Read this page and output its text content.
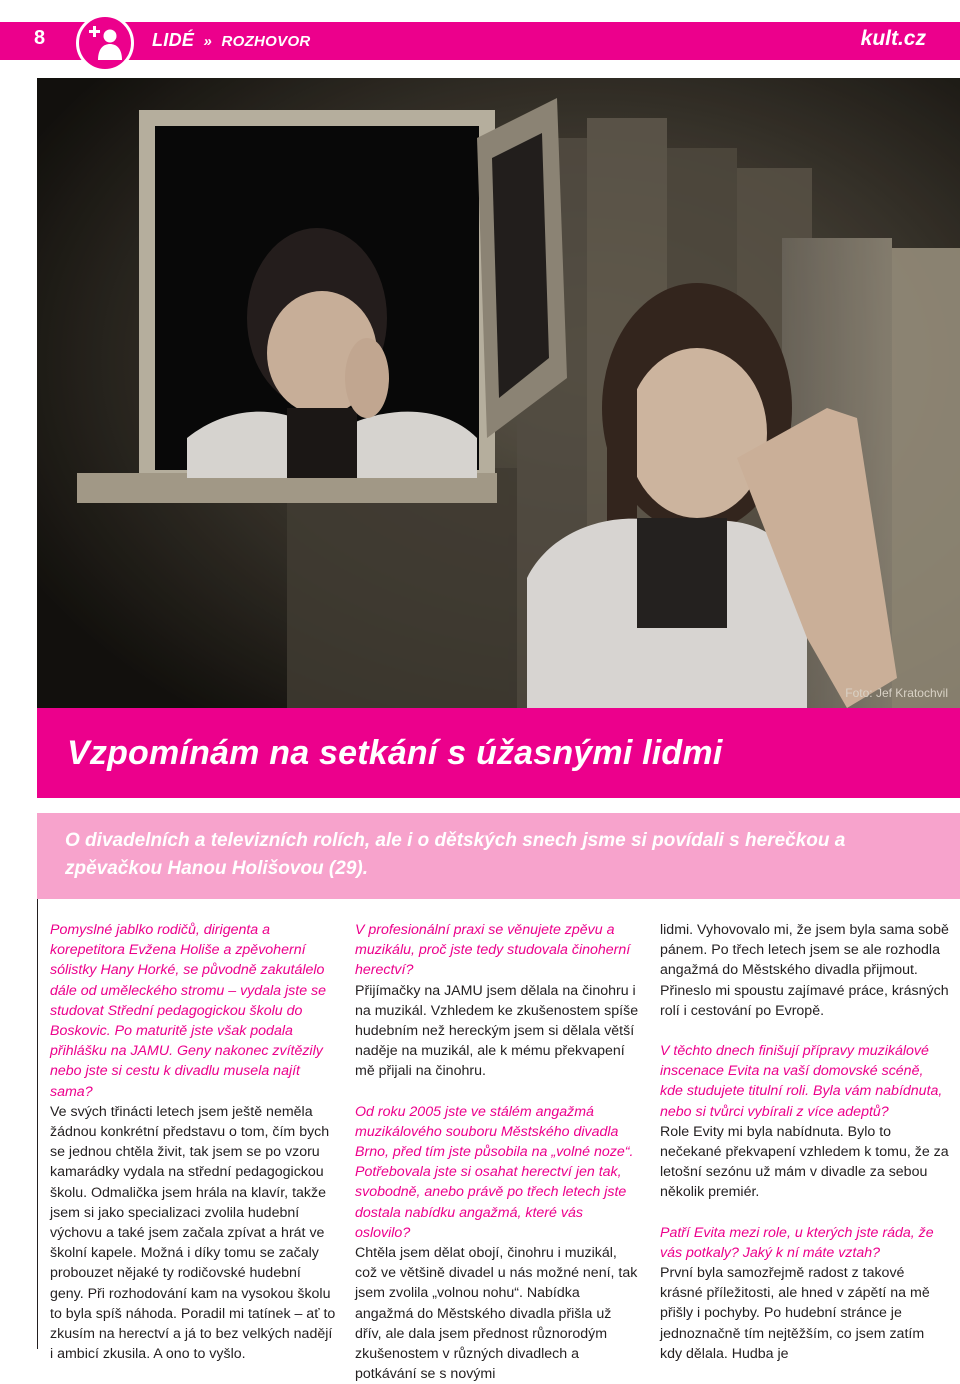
8	LIDÉ » ROZHOVOR	kult.cz
Foto: Jef Kratochvil
Vzpomínám na setkání s úžasnými lidmi

O divadelních a televizních rolích, ale i o dětských snech jsme si povídali s herečkou a zpěvačkou Hanou Holišovou (29).

Pomyslné jablko rodičů, dirigenta a korepetitora Evžena Holiše a zpěvoherní sólistky Hany Horké, se původně zakutálelo dále od uměleckého stromu – vydala jste se studovat Střední pedagogickou školu do Boskovic. Po maturitě jste však podala přihlášku na JAMU. Geny nakonec zvítězily nebo jste si cestu k divadlu musela najít sama?

Ve svých třinácti letech jsem ještě neměla žádnou konkrétní představu o tom, čím bych se jednou chtěla živit, tak jsem se po vzoru kamarádky vydala na střední pedagogickou školu. Odmalička jsem hrála na klavír, takže jsem si jako specializaci zvolila hudební výchovu a také jsem začala zpívat a hrát ve školní kapele. Možná i díky tomu se začaly probouzet nějaké ty rodičovské hudební geny. Při rozhodování kam na vysokou školu to byla spíš náhoda. Poradil mi tatínek – ať to zkusím na herectví a já to bez velkých nadějí i ambicí zkusila. A ono to vyšlo.

V profesionální praxi se věnujete zpěvu a muzikálu, proč jste tedy studovala činoherní herectví?

Přijímačky na JAMU jsem dělala na činohru i na muzikál. Vzhledem ke zkušenostem spíše hudebním než hereckým jsem si dělala větší naděje na muzikál, ale k mému překvapení mě přijali na činohru.

Od roku 2005 jste ve stálém angažmá muzikálového souboru Městského divadla Brno, před tím jste působila na „volné noze“. Potřebovala jste si osahat herectví jen tak, svobodně, anebo právě po třech letech jste dostala nabídku angažmá, které vás oslovilo?

Chtěla jsem dělat obojí, činohru i muzikál, což ve většině divadel u nás možné není, tak jsem zvolila „volnou nohu“. Nabídka angažmá do Městského divadla přišla už dřív, ale dala jsem přednost různorodým zkušenostem v různých divadlech a potkávání se s novými

lidmi. Vyhovovalo mi, že jsem byla sama sobě pánem. Po třech letech jsem se ale rozhodla angažmá do Městského divadla přijmout. Přineslo mi spoustu zajímavé práce, krásných rolí i cestování po Evropě.

V těchto dnech finišují přípravy muzikálové inscenace Evita na vaší domovské scéně, kde studujete titulní roli. Byla vám nabídnuta, nebo si tvůrci vybírali z více adeptů?

Role Evity mi byla nabídnuta. Bylo to nečekané překvapení vzhledem k tomu, že za letošní sezónu už mám v divadle za sebou několik premiér.

Patří Evita mezi role, u kterých jste ráda, že vás potkaly? Jaký k ní máte vztah?

První byla samozřejmě radost z takové krásné příležitosti, ale hned v zápětí na mě přišly i pochyby. Po hudební stránce je jednoznačně tím nejtěžším, co jsem zatím kdy dělala. Hudba je
